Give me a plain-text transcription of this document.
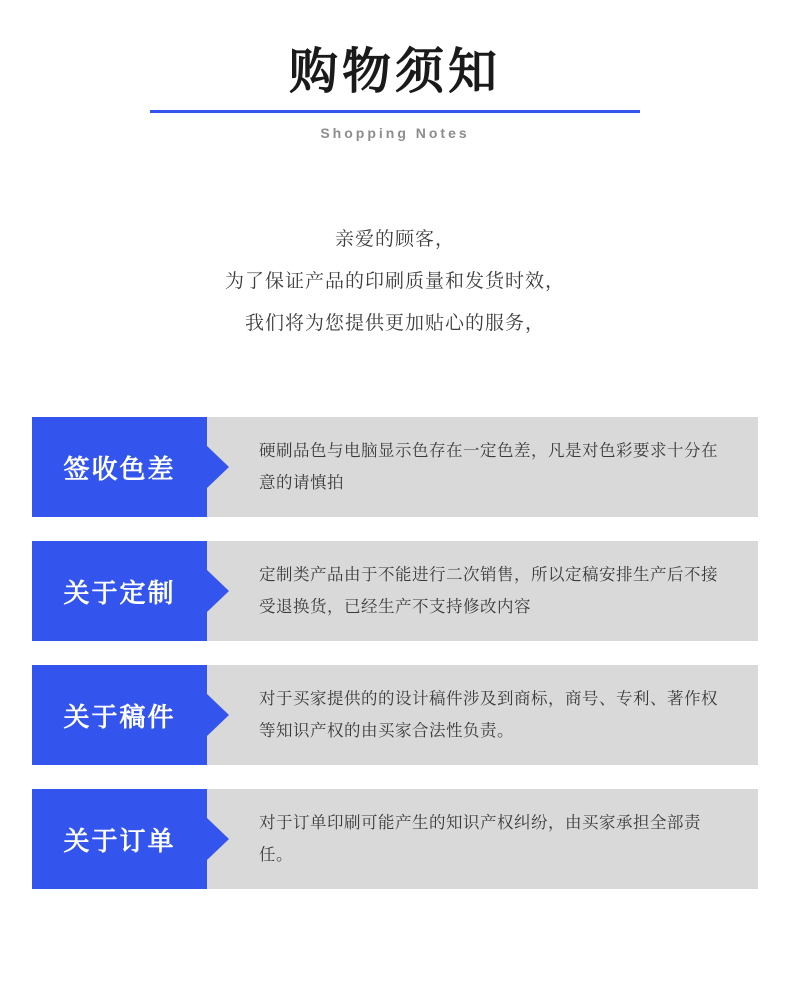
购物须知
Shopping Notes
亲爱的顾客，
为了保证产品的印刷质量和发货时效，
我们将为您提供更加贴心的服务，
签收色差
硬刷品色与电脑显示色存在一定色差，凡是对色彩要求十分在意的请慎拍
关于定制
定制类产品由于不能进行二次销售，所以定稿安排生产后不接受退换货，已经生产不支持修改内容
关于稿件
对于买家提供的的设计稿件涉及到商标，商号、专利、著作权等知识产权的由买家合法性负责。
关于订单
对于订单印刷可能产生的知识产权纠纷，由买家承担全部责任。
